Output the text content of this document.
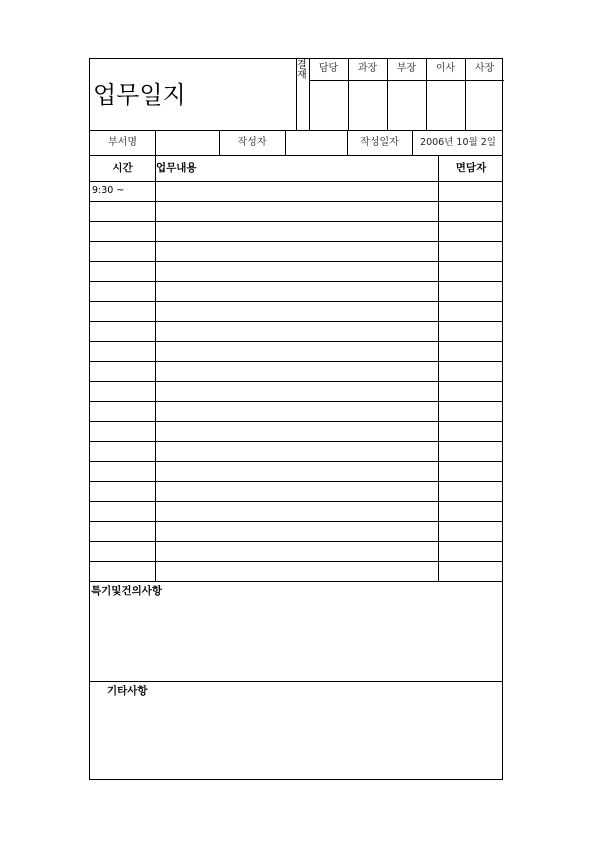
업무일지
결재
담당	과장	부장	이사	사장
부서명	작성자	작성일자	2006년 10월 2일
시간	업무내용	면담자
9:30 ~
특기및건의사항
기타사항
